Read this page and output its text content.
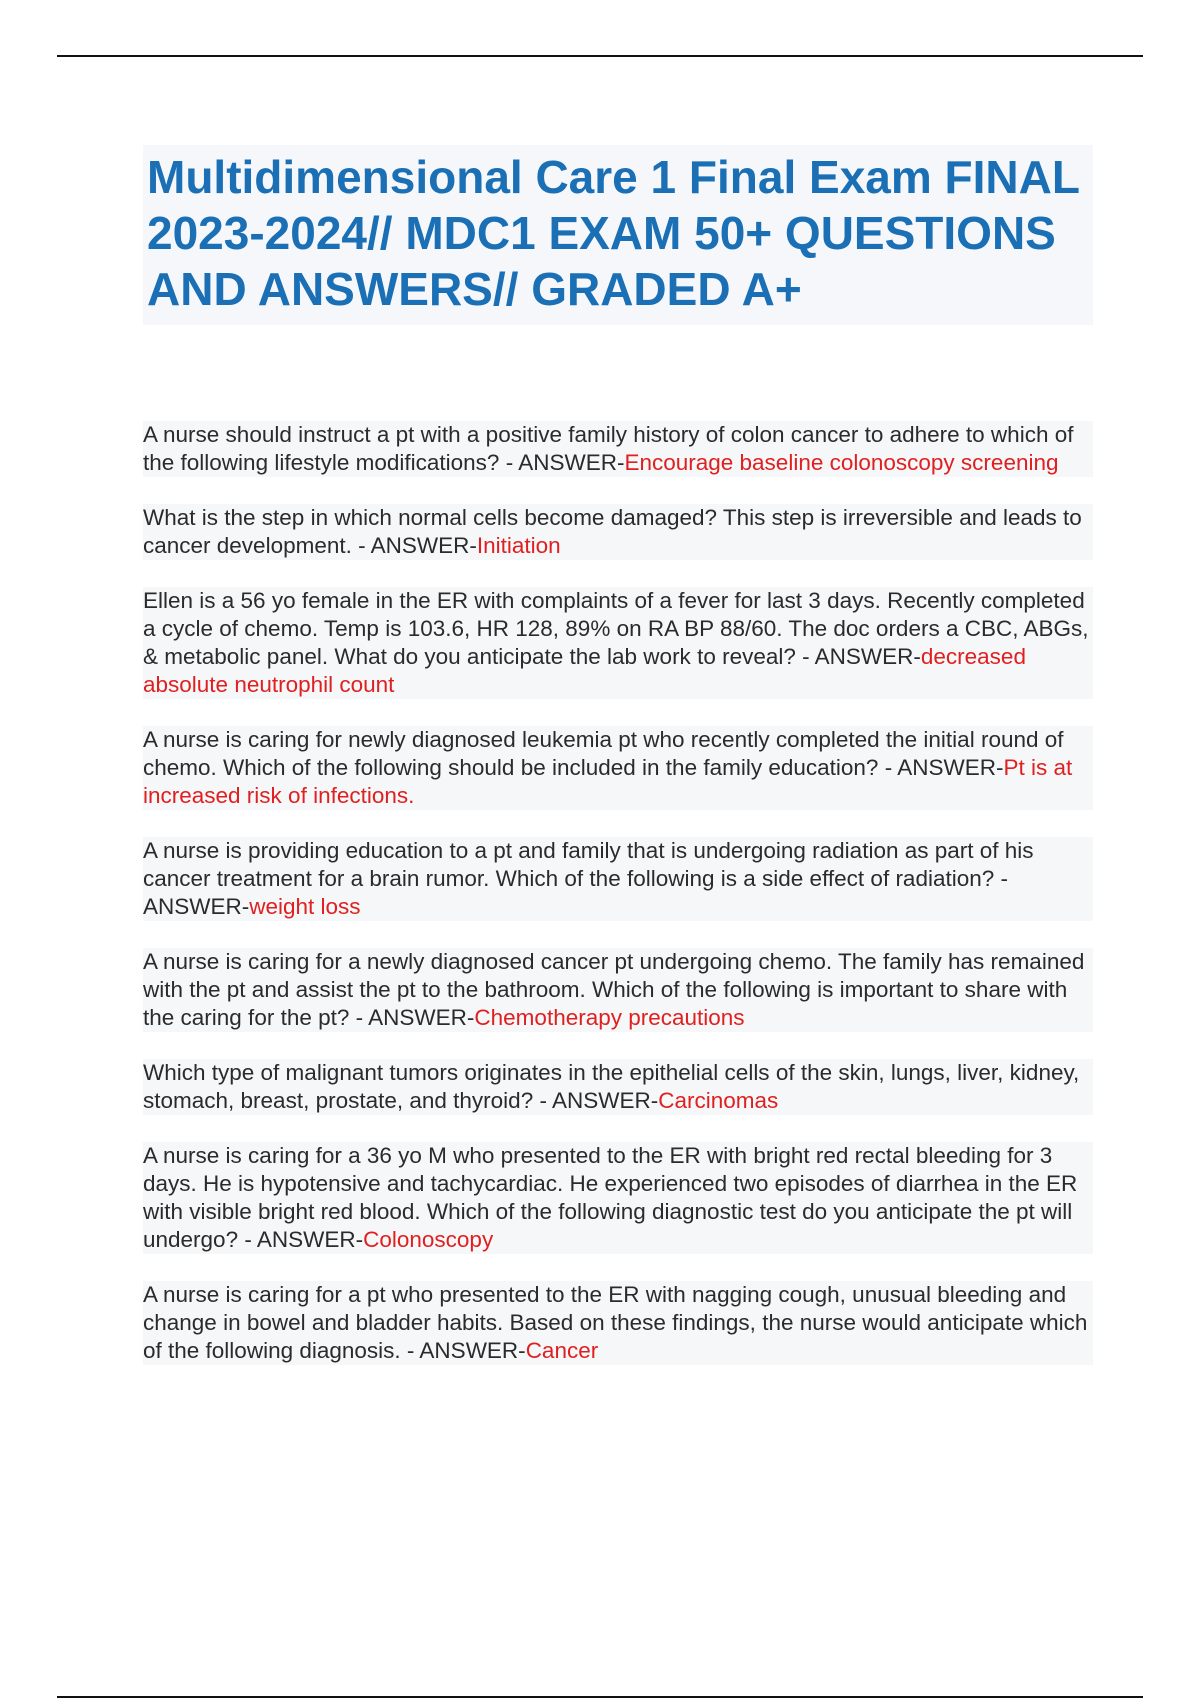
Multidimensional Care 1 Final Exam FINAL 2023-2024// MDC1 EXAM 50+ QUESTIONS AND ANSWERS// GRADED A+

A nurse should instruct a pt with a positive family history of colon cancer to adhere to which of the following lifestyle modifications? - ANSWER-Encourage baseline colonoscopy screening

What is the step in which normal cells become damaged? This step is irreversible and leads to cancer development. - ANSWER-Initiation

Ellen is a 56 yo female in the ER with complaints of a fever for last 3 days. Recently completed a cycle of chemo. Temp is 103.6, HR 128, 89% on RA BP 88/60. The doc orders a CBC, ABGs, & metabolic panel. What do you anticipate the lab work to reveal? - ANSWER-decreased absolute neutrophil count

A nurse is caring for newly diagnosed leukemia pt who recently completed the initial round of chemo. Which of the following should be included in the family education? - ANSWER-Pt is at increased risk of infections.

A nurse is providing education to a pt and family that is undergoing radiation as part of his cancer treatment for a brain rumor. Which of the following is a side effect of radiation? - ANSWER-weight loss

A nurse is caring for a newly diagnosed cancer pt undergoing chemo. The family has remained with the pt and assist the pt to the bathroom. Which of the following is important to share with the caring for the pt? - ANSWER-Chemotherapy precautions

Which type of malignant tumors originates in the epithelial cells of the skin, lungs, liver, kidney, stomach, breast, prostate, and thyroid? - ANSWER-Carcinomas

A nurse is caring for a 36 yo M who presented to the ER with bright red rectal bleeding for 3 days. He is hypotensive and tachycardiac. He experienced two episodes of diarrhea in the ER with visible bright red blood. Which of the following diagnostic test do you anticipate the pt will undergo? - ANSWER-Colonoscopy

A nurse is caring for a pt who presented to the ER with nagging cough, unusual bleeding and change in bowel and bladder habits. Based on these findings, the nurse would anticipate which of the following diagnosis. - ANSWER-Cancer
